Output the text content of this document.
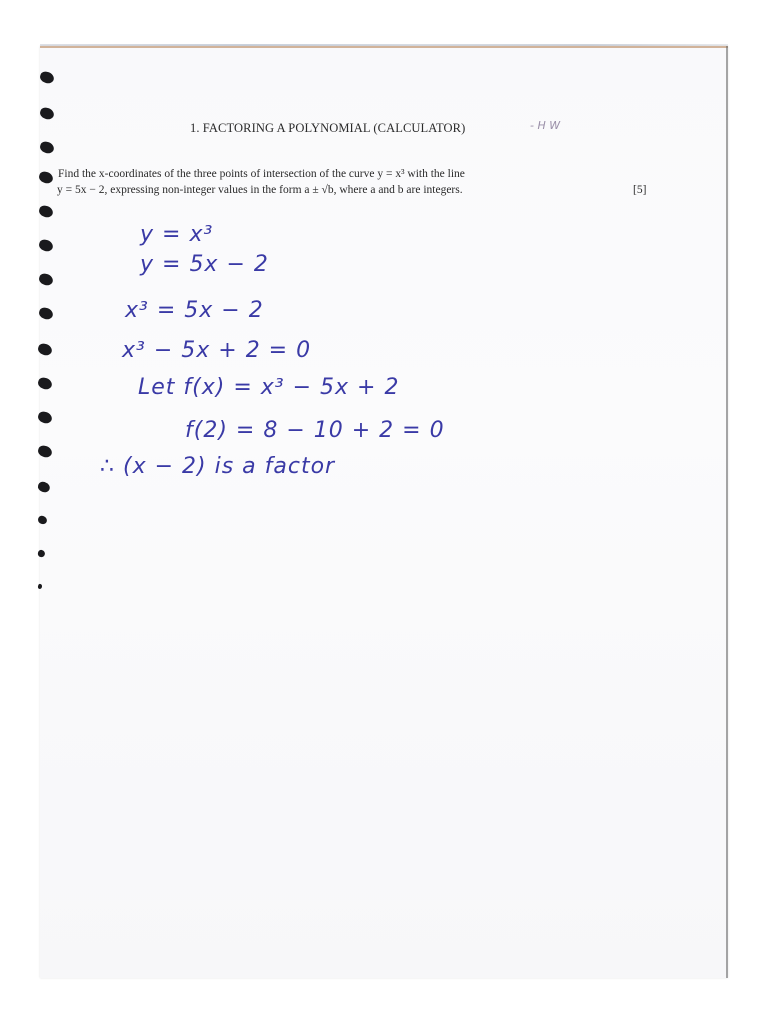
1. FACTORING A POLYNOMIAL (CALCULATOR)	- H W
Find the x-coordinates of the three points of intersection of the curve y = x³ with the line
y = 5x − 2, expressing non-integer values in the form a ± √b, where a and b are integers.	[5]
y = x³
y = 5x − 2
x³ = 5x − 2
x³ − 5x + 2 = 0
Let f(x) = x³ − 5x + 2
f(2) = 8 − 10 + 2 = 0
∴ (x − 2) is a factor
